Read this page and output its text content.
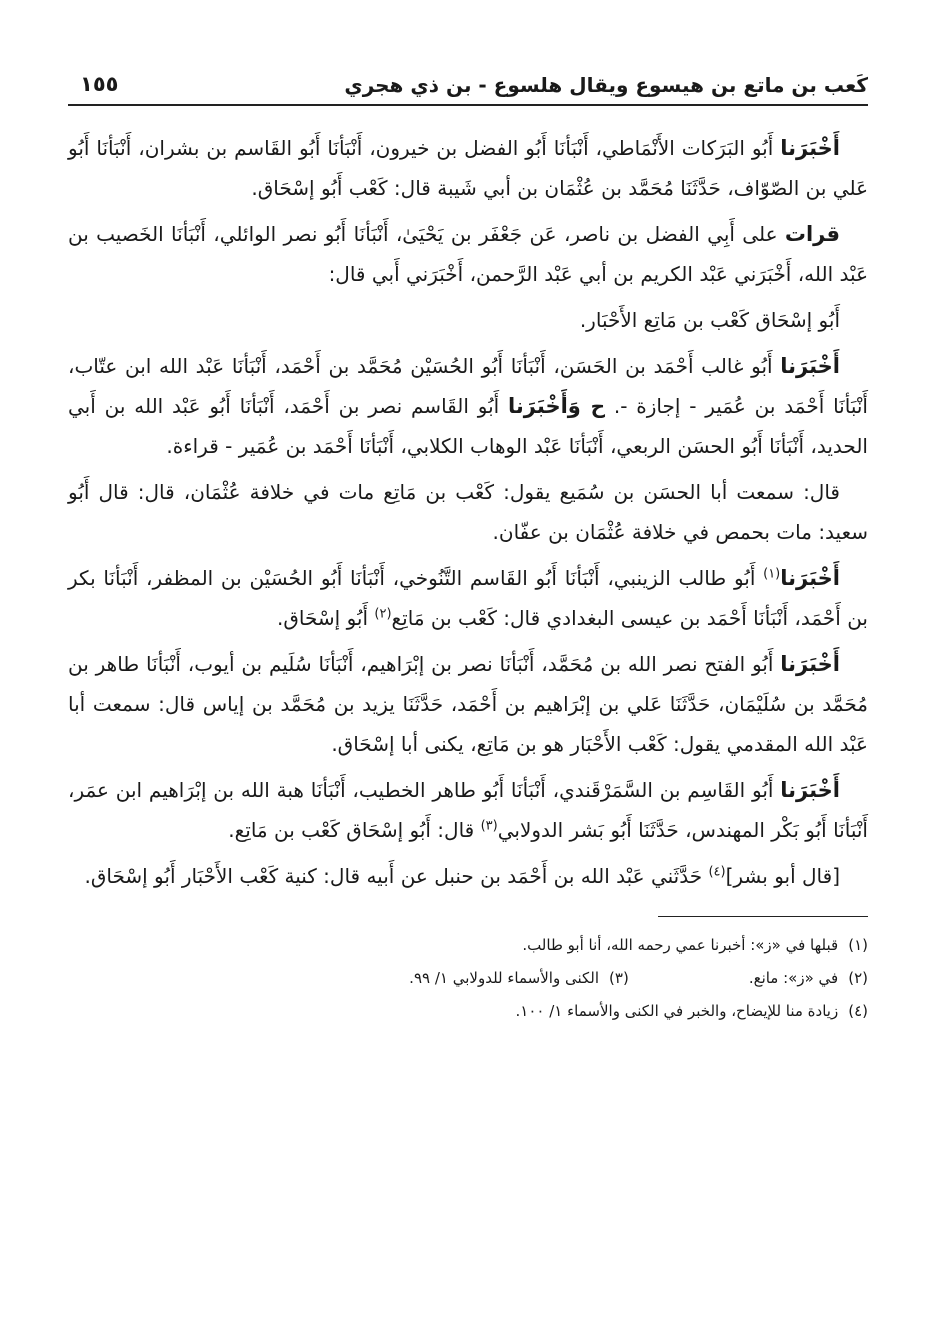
كَعب بن ماتع بن هيسوع ويقال هلسوع - بن ذي هجري
١٥٥

أَخْبَرَنا أَبُو البَرَكات الأَنْمَاطي، أَنْبَأنَا أَبُو الفضل بن خيرون، أَنْبَأنَا أَبُو القَاسم بن بشران، أَنْبَأنَا أَبُو عَلي بن الصّوّاف، حَدَّثَنَا مُحَمَّد بن عُثْمَان بن أبي شَيبة قال: كَعْب أَبُو إسْحَاق.

قرات على أَبِي الفضل بن ناصر، عَن جَعْفَر بن يَحْيَىٰ، أَنْبَأنَا أَبُو نصر الوائلي، أَنْبَأنَا الخَصيب بن عَبْد الله، أَخْبَرَني عَبْد الكريم بن أبي عَبْد الرَّحمن، أَخْبَرَني أَبي قال:

أَبُو إسْحَاق كَعْب بن مَاتِع الأَحْبَار.

أَخْبَرَنا أَبُو غالب أَحْمَد بن الحَسَن، أَنْبَأنَا أَبُو الحُسَيْن مُحَمَّد بن أَحْمَد، أَنْبَأنَا عَبْد الله ابن عتّاب، أَنْبَأنَا أَحْمَد بن عُمَير - إجازة -. ح وَأَخْبَرَنا أَبُو القَاسم نصر بن أَحْمَد، أَنْبَأنَا أَبُو عَبْد الله بن أَبي الحديد، أَنْبَأنَا أَبُو الحسَن الربعي، أَنْبَأنَا عَبْد الوهاب الكلابي، أَنْبَأنَا أَحْمَد بن عُمَير - قراءة.

قال: سمعت أبا الحسَن بن سُمَيع يقول: كَعْب بن مَاتِع مات في خلافة عُثْمَان، قال: قال أَبُو سعيد: مات بحمص في خلافة عُثْمَان بن عفّان.

أَخْبَرَنا$^{(١)}$ أَبُو طالب الزينبي، أَنْبَأنَا أَبُو القَاسم التَّنُوخي، أَنْبَأنَا أَبُو الحُسَيْن بن المظفر، أَنْبَأنَا بكر بن أَحْمَد، أَنْبَأنَا أَحْمَد بن عيسى البغدادي قال: كَعْب بن مَاتِع$^{(٢)}$ أَبُو إسْحَاق.

أَخْبَرَنا أَبُو الفتح نصر الله بن مُحَمَّد، أَنْبَأنَا نصر بن إبْرَاهيم، أَنْبَأنَا سُلَيم بن أيوب، أَنْبَأنَا طاهر بن مُحَمَّد بن سُلَيْمَان، حَدَّثَنَا عَلي بن إبْرَاهيم بن أَحْمَد، حَدَّثَنَا يزيد بن مُحَمَّد بن إياس قال: سمعت أبا عَبْد الله المقدمي يقول: كَعْب الأَحْبَار هو بن مَاتِع، يكنى أبا إسْحَاق.

أَخْبَرَنا أَبُو القَاسِم بن السَّمَرْقَندي، أَنْبَأنَا أَبُو طاهر الخطيب، أَنْبَأنَا هبة الله بن إبْرَاهيم ابن عمَر، أَنْبَأنَا أَبُو بَكْر المهندس، حَدَّثَنَا أَبُو بَشر الدولابي$^{(٣)}$ قال: أَبُو إسْحَاق كَعْب بن مَاتِع.

[قال أبو بشر]$^{(٤)}$ حَدَّثَني عَبْد الله بن أَحْمَد بن حنبل عن أَبيه قال: كنية كَعْب الأَحْبَار أَبُو إسْحَاق.

(١)قبلها في «ز»: أخبرنا عمي رحمه الله، أنا أبو طالب.
(٢)في «ز»: مانع.
(٣)الكنى والأسماء للدولابي ١/ ٩٩.
(٤)زيادة منا للإيضاح، والخبر في الكنى والأسماء ١/ ١٠٠.
